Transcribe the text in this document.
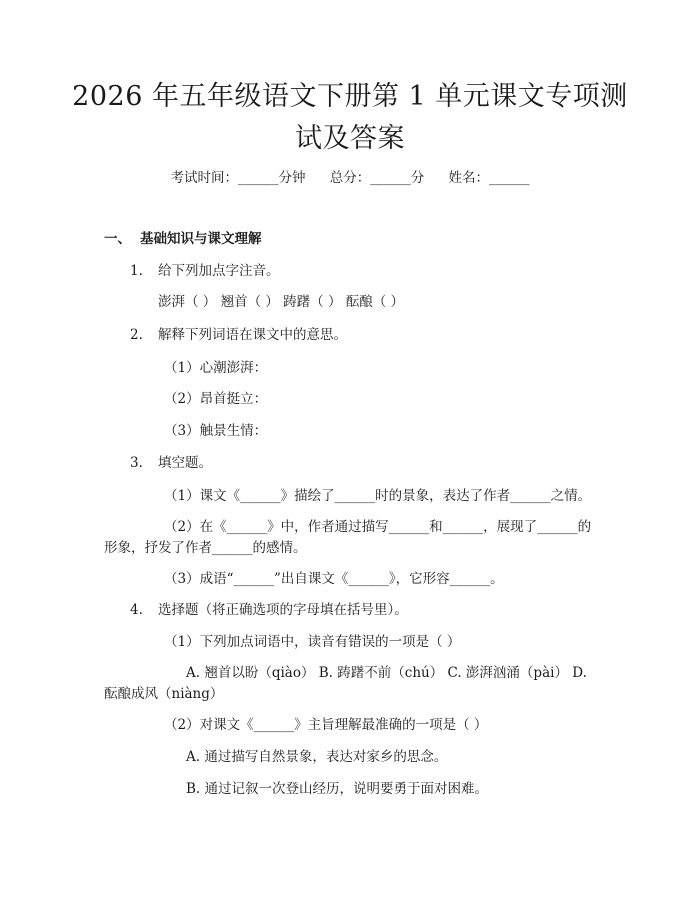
2026 年五年级语文下册第 1 单元课文专项测
试及答案
考试时间：______分钟 总分：______分 姓名：______
一、 基础知识与课文理解
1. 给下列加点字注音。
澎湃（ ） 翘首（ ） 踌躇（ ） 酝酿（ ）
2. 解释下列词语在课文中的意思。
（1）心潮澎湃：
（2）昂首挺立：
（3）触景生情：
3. 填空题。
（1）课文《______》描绘了______时的景象，表达了作者______之情。
（2）在《______》中，作者通过描写______和______，展现了______的
形象，抒发了作者______的感情。
（3）成语“______”出自课文《______》，它形容______。
4. 选择题（将正确选项的字母填在括号里）。
（1）下列加点词语中，读音有错误的一项是（ ）
A. 翘首以盼（qiào） B. 踌躇不前（chú） C. 澎湃汹涌（pài） D.
酝酿成风（niàng）
（2）对课文《______》主旨理解最准确的一项是（ ）
A. 通过描写自然景象，表达对家乡的思念。
B. 通过记叙一次登山经历，说明要勇于面对困难。
